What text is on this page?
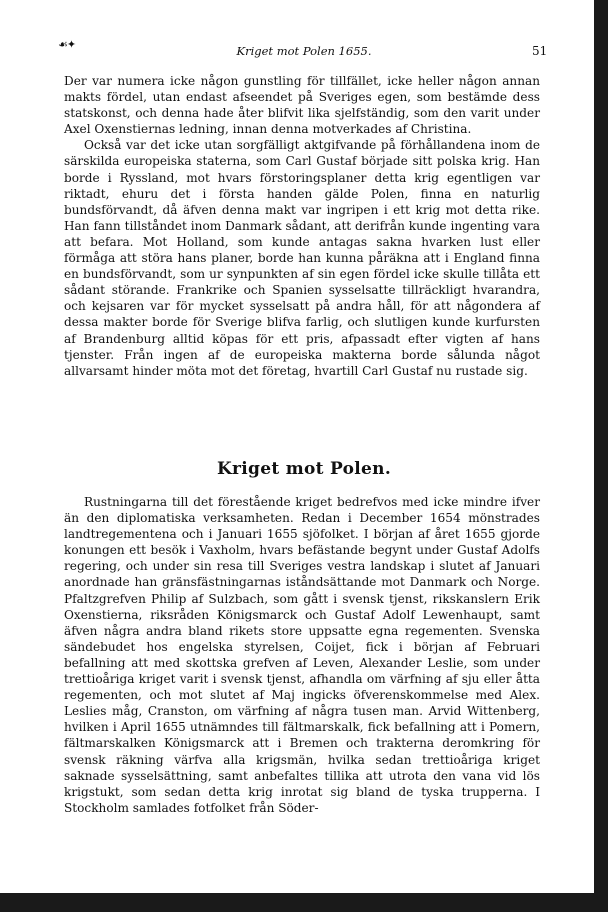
☙✦	Kriget mot Polen 1655.	51

Der var numera icke någon gunstling för tillfället, icke heller någon annan makts fördel, utan endast afseendet på Sveriges egen, som bestämde dess statskonst, och denna hade åter blifvit lika sjelfständig, som den varit under Axel Oxenstiernas ledning, innan denna motverkades af Christina.

Också var det icke utan sorgfälligt aktgifvande på förhållandena inom de särskilda europeiska staterna, som Carl Gustaf började sitt polska krig. Han borde i Ryssland, mot hvars förstoringsplaner detta krig egentligen var riktadt, ehuru det i första handen gälde Polen, finna en naturlig bundsförvandt, då äfven denna makt var ingripen i ett krig mot detta rike. Han fann tillståndet inom Danmark sådant, att derifrån kunde ingenting vara att befara. Mot Holland, som kunde antagas sakna hvarken lust eller förmåga att störa hans planer, borde han kunna påräkna att i England finna en bundsförvandt, som ur synpunkten af sin egen fördel icke skulle tillåta ett sådant störande. Frankrike och Spanien sysselsatte tillräckligt hvarandra, och kejsaren var för mycket sysselsatt på andra håll, för att någondera af dessa makter borde för Sverige blifva farlig, och slutligen kunde kurfursten af Brandenburg alltid köpas för ett pris, afpassadt efter vigten af hans tjenster. Från ingen af de europeiska makterna borde sålunda något allvarsamt hinder möta mot det företag, hvartill Carl Gustaf nu rustade sig.

Kriget mot Polen.

Rustningarna till det förestående kriget bedrefvos med icke mindre ifver än den diplomatiska verksamheten. Redan i December 1654 mönstrades landtregementena och i Januari 1655 sjöfolket. I början af året 1655 gjorde konungen ett besök i Vaxholm, hvars befästande begynt under Gustaf Adolfs regering, och under sin resa till Sveriges vestra landskap i slutet af Januari anordnade han gränsfästningarnas iståndsättande mot Danmark och Norge. Pfaltzgrefven Philip af Sulzbach, som gått i svensk tjenst, rikskanslern Erik Oxenstierna, riksråden Königsmarck och Gustaf Adolf Lewenhaupt, samt äfven några andra bland rikets store uppsatte egna regementen. Svenska sändebudet hos engelska styrelsen, Coijet, fick i början af Februari befallning att med skottska grefven af Leven, Alexander Leslie, som under trettioåriga kriget varit i svensk tjenst, afhandla om värfning af sju eller åtta regementen, och mot slutet af Maj ingicks öfverenskommelse med Alex. Leslies måg, Cranston, om värfning af några tusen man. Arvid Wittenberg, hvilken i April 1655 utnämndes till fältmarskalk, fick befallning att i Pomern, fältmarskalken Königsmarck att i Bremen och trakterna deromkring för svensk räkning värfva alla krigsmän, hvilka sedan trettioåriga kriget saknade sysselsättning, samt anbefaltes tillika att utrota den vana vid lös krigstukt, som sedan detta krig inrotat sig bland de tyska trupperna. I Stockholm samlades fotfolket från Söder-
